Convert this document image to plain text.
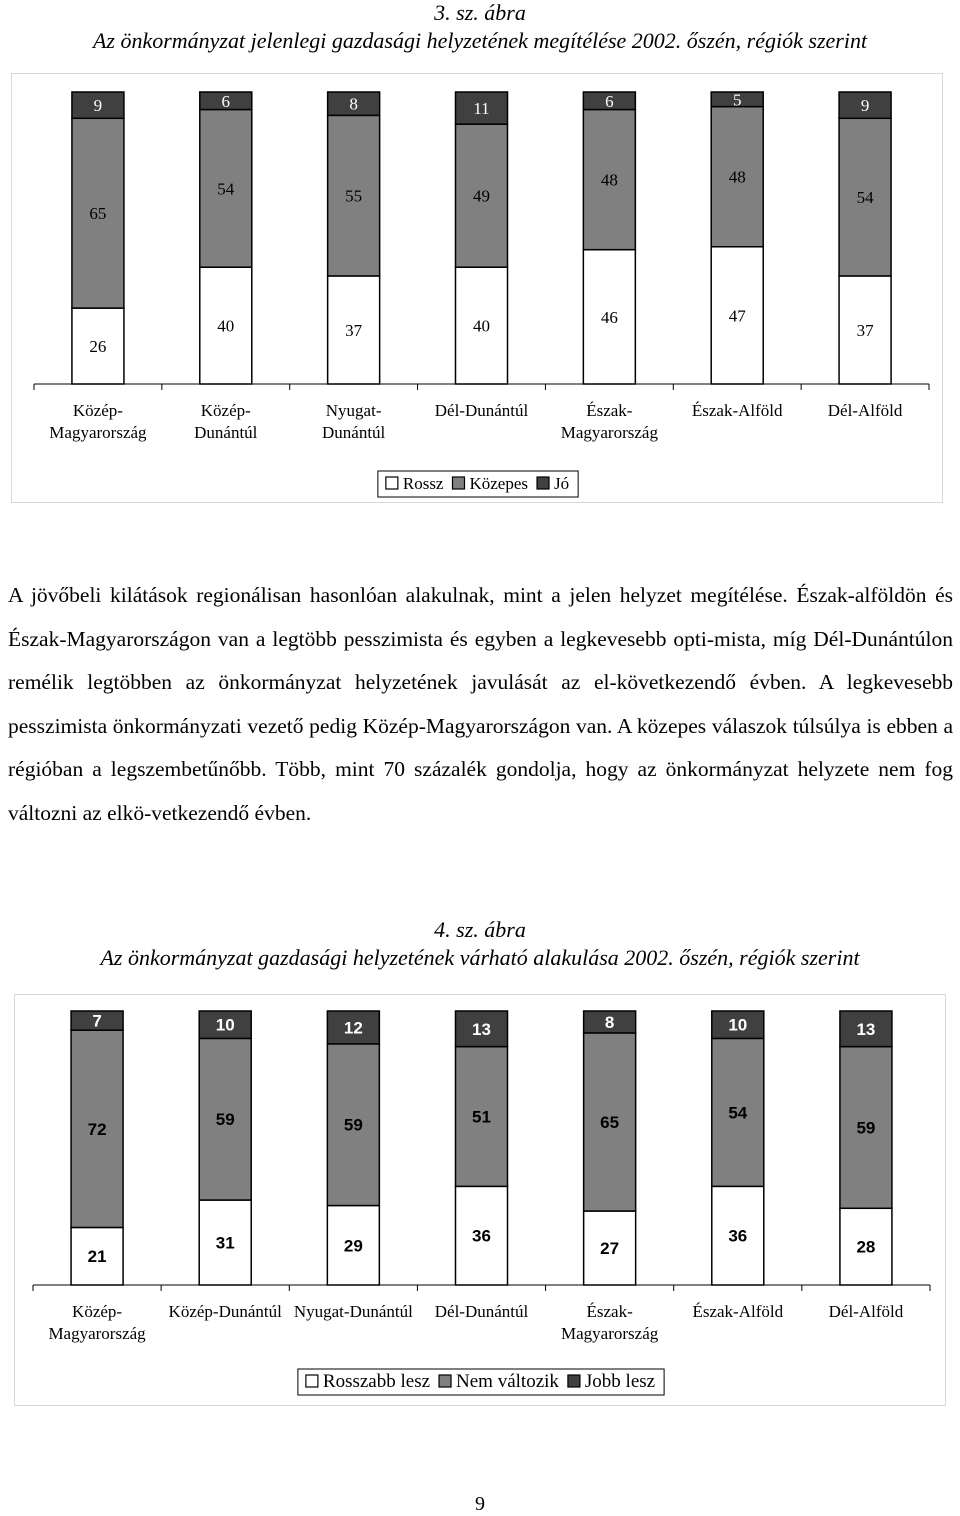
3. sz. ábra
Az önkormányzat jelenlegi gazdasági helyzetének megítélése 2002. őszén, régiók szerint
26
65
9
Közép-
Magyarország
40
54
6
Közép-
Dunántúl
37
55
8
Nyugat-
Dunántúl
40
49
11
Dél-Dunántúl
46
48
6
Észak-
Magyarország
47
48
5
Észak-Alföld
37
54
9
Dél-Alföld
Rossz Közepes Jó

A jövőbeli kilátások regionálisan hasonlóan alakulnak, mint a jelen helyzet megítélése. Észak-alföldön és Észak-Magyarországon van a legtöbb pesszimista és egyben a legkevesebb opti-mista, míg Dél-Dunántúlon remélik legtöbben az önkormányzat helyzetének javulását az el-következendő évben. A legkevesebb pesszimista önkormányzati vezető pedig Közép-Magyarországon van. A közepes válaszok túlsúlya is ebben a régióban a legszembetűnőbb. Több, mint 70 százalék gondolja, hogy az önkormányzat helyzete nem fog változni az elkö-vetkezendő évben.

4. sz. ábra
Az önkormányzat gazdasági helyzetének várható alakulása 2002. őszén, régiók szerint
21
72
7
Közép-
Magyarország
31
59
10
Közép-Dunántúl
29
59
12
Nyugat-Dunántúl
36
51
13
Dél-Dunántúl
27
65
8
Észak-
Magyarország
36
54
10
Észak-Alföld
28
59
13
Dél-Alföld
Rosszabb lesz Nem változik Jobb lesz
9
